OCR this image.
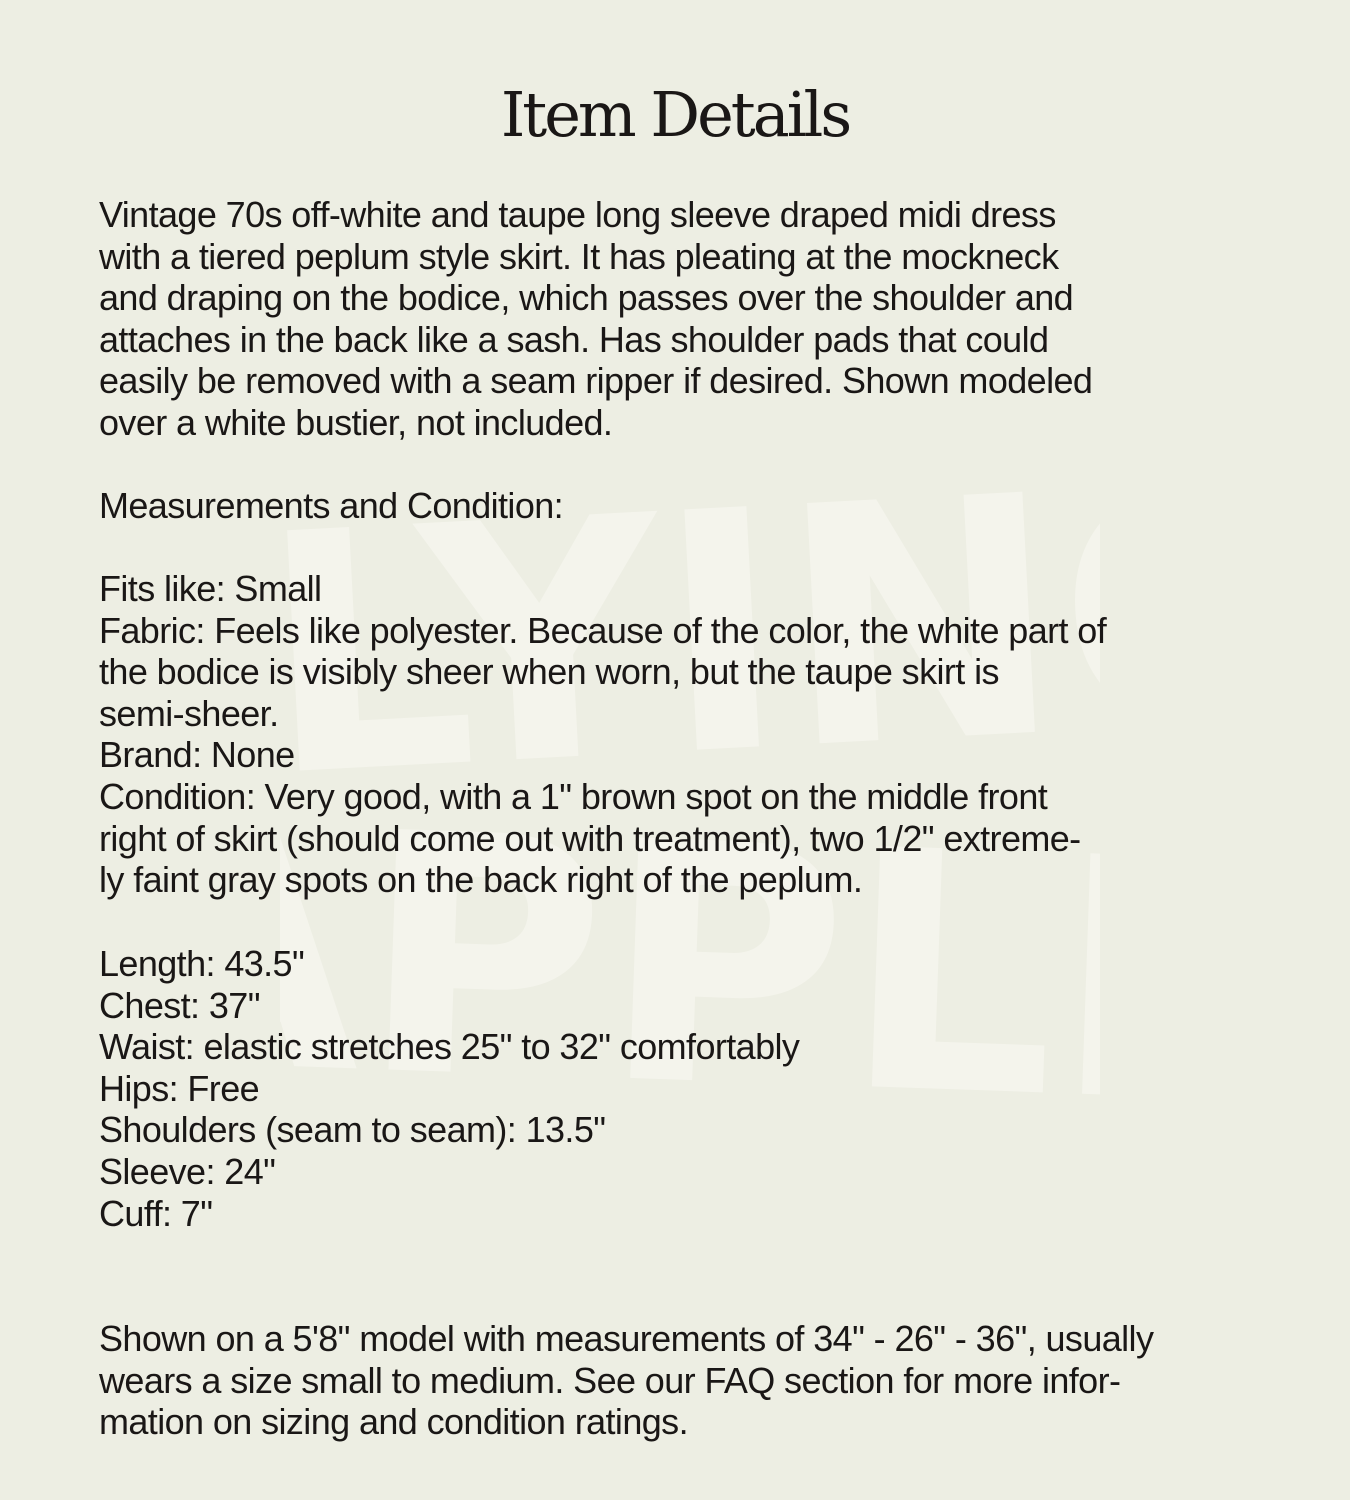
FLYING
APPLE
Item Details
Vintage 70s off-white and taupe long sleeve draped midi dress
with a tiered peplum style skirt. It has pleating at the mockneck
and draping on the bodice, which passes over the shoulder and
attaches in the back like a sash. Has shoulder pads that could
easily be removed with a seam ripper if desired. Shown modeled
over a white bustier, not included.
Measurements and Condition:
Fits like: Small
Fabric: Feels like polyester. Because of the color, the white part of
the bodice is visibly sheer when worn, but the taupe skirt is
semi-sheer.
Brand: None
Condition: Very good, with a 1" brown spot on the middle front
right of skirt (should come out with treatment), two 1/2" extreme-
ly faint gray spots on the back right of the peplum.
Length: 43.5"
Chest: 37"
Waist: elastic stretches 25" to 32" comfortably
Hips: Free
Shoulders (seam to seam): 13.5"
Sleeve: 24"
Cuff: 7"
Shown on a 5'8" model with measurements of 34" - 26" - 36", usually
wears a size small to medium. See our FAQ section for more infor-
mation on sizing and condition ratings.
